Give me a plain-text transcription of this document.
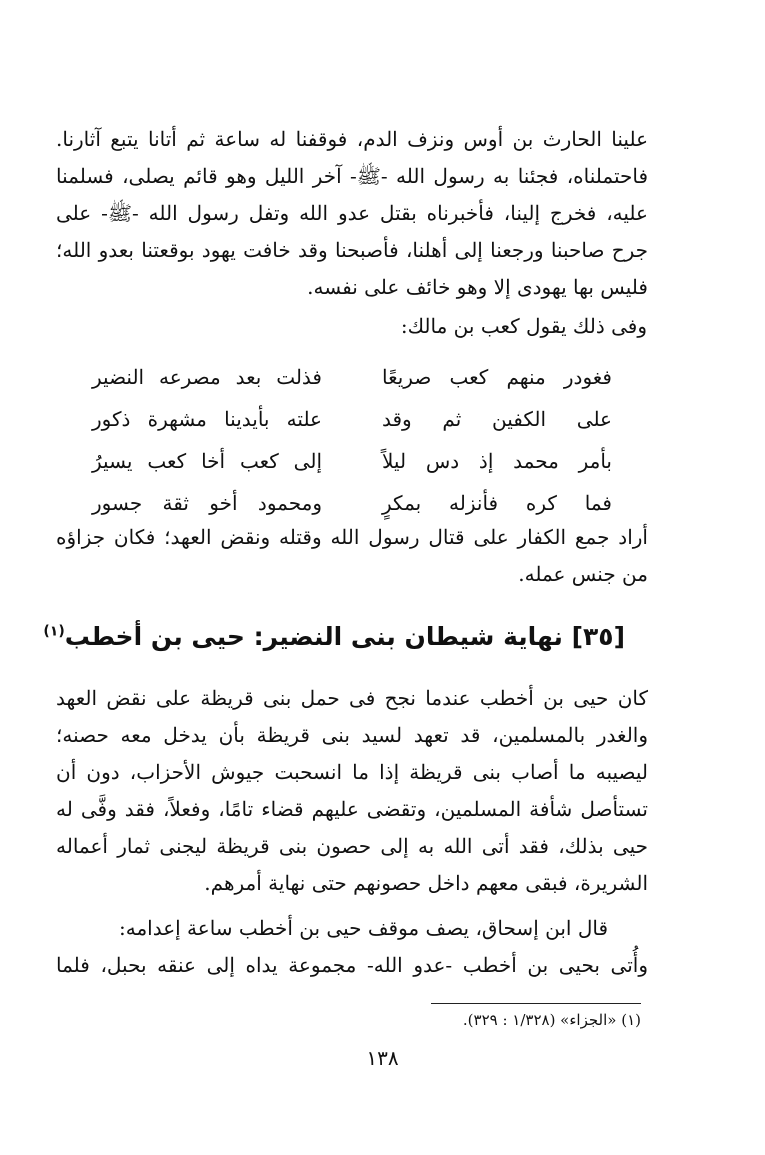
علينا الحارث بن أوس ونزف الدم، فوقفنا له ساعة ثم أتانا يتبع آثارنا. فاحتملناه، فجئنا به رسول الله -ﷺ- آخر الليل وهو قائم يصلى، فسلمنا عليه، فخرج إلينا، فأخبرناه بقتل عدو الله وتفل رسول الله -ﷺ- على جرح صاحبنا ورجعنا إلى أهلنا، فأصبحنا وقد خافت يهود بوقعتنا بعدو الله؛ فليس بها يهودى إلا وهو خائف على نفسه.
وفى ذلك يقول كعب بن مالك:
فغودر منهم كعب صريعًا
فذلت بعد مصرعه النضير
على الكفين ثم وقد
علته بأيدينا مشهرة ذكور
بأمر محمد إذ دس ليلاً
إلى كعب أخا كعب يسيرُ
فما كره فأنزله بمكرٍ
ومحمود أخو ثقة جسور
أراد جمع الكفار على قتال رسول الله وقتله ونقض العهد؛ فكان جزاؤه من جنس عمله.
[٣٥] نهاية شيطان بنى النضير: حيى بن أخطب$^{(١)}$
كان حيى بن أخطب عندما نجح فى حمل بنى قريظة على نقض العهد والغدر بالمسلمين، قد تعهد لسيد بنى قريظة بأن يدخل معه حصنه؛ ليصيبه ما أصاب بنى قريظة إذا ما انسحبت جيوش الأحزاب، دون أن تستأصل شأفة المسلمين، وتقضى عليهم قضاء تامًا، وفعلاً، فقد وفَّى له حيى بذلك، فقد أتى الله به إلى حصون بنى قريظة ليجنى ثمار أعماله الشريرة، فبقى معهم داخل حصونهم حتى نهاية أمرهم.
قال ابن إسحاق، يصف موقف حيى بن أخطب ساعة إعدامه:
وأُتى بحيى بن أخطب -عدو الله- مجموعة يداه إلى عنقه بحبل، فلما
(١) «الجزاء» (١/٣٢٨ : ٣٢٩).
١٣٨
